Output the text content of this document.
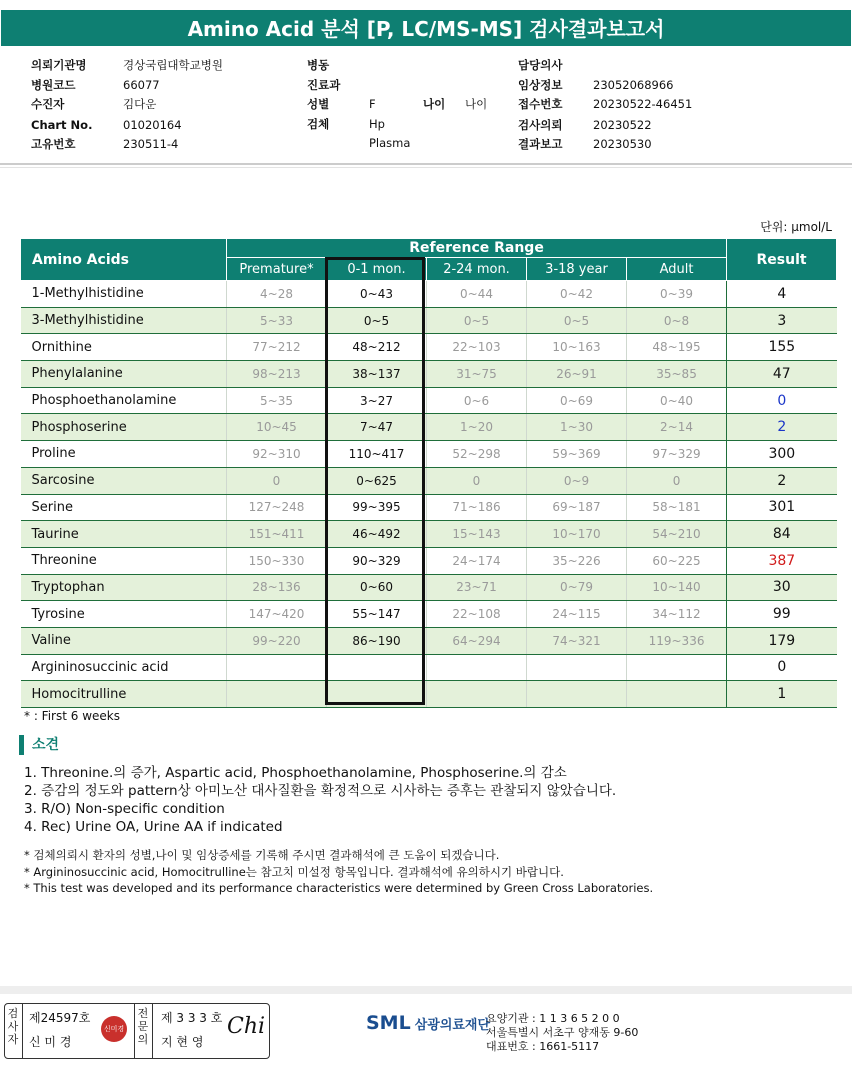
Amino Acid 분석 [P, LC/MS-MS] 검사결과보고서
의뢰기관명	경상국립대학교병원
병원코드	66077
수진자	김다운
Chart No.	01020164
고유번호	230511-4
병동
진료과
성별	F	나이	나이
검체	Hp Plasma
담당의사
임상정보	23052068966
접수번호	20230522-46451
검사의뢰	20230522
결과보고	20230530
단위: μmol/L
Amino Acids	Reference Range					Result
	Premature*	0-1 mon.	2-24 mon.	3-18 year	Adult	
1-Methylhistidine	4~28	0~43	0~44	0~42	0~39	4
3-Methylhistidine	5~33	0~5	0~5	0~5	0~8	3
Ornithine	77~212	48~212	22~103	10~163	48~195	155
Phenylalanine	98~213	38~137	31~75	26~91	35~85	47
Phosphoethanolamine	5~35	3~27	0~6	0~69	0~40	0
Phosphoserine	10~45	7~47	1~20	1~30	2~14	2
Proline	92~310	110~417	52~298	59~369	97~329	300
Sarcosine	0	0~625	0	0~9	0	2
Serine	127~248	99~395	71~186	69~187	58~181	301
Taurine	151~411	46~492	15~143	10~170	54~210	84
Threonine	150~330	90~329	24~174	35~226	60~225	387
Tryptophan	28~136	0~60	23~71	0~79	10~140	30
Tyrosine	147~420	55~147	22~108	24~115	34~112	99
Valine	99~220	86~190	64~294	74~321	119~336	179
Argininosuccinic acid						0
Homocitrulline						1
* : First 6 weeks
소견
1. Threonine.의 증가, Aspartic acid, Phosphoethanolamine, Phosphoserine.의 감소
2. 증감의 정도와 pattern상 아미노산 대사질환을 확정적으로 시사하는 증후는 관찰되지 않았습니다.
3. R/O) Non-specific condition
4. Rec) Urine OA, Urine AA if indicated
* 검체의뢰시 환자의 성별,나이 및 임상증세를 기록해 주시면 결과해석에 큰 도움이 되겠습니다.
* Argininosuccinic acid, Homocitrulline는 참고치 미설정 항목입니다. 결과해석에 유의하시기 바랍니다.
* This test was developed and its performance characteristics were determined by Green Cross Laboratories.
검사자
제24597호
신 미 경
신미경
전문의
제 3 3 3 호
지 현 영
Chi	SML 삼광의료재단
요양기관 : 1 1 3 6 5 2 0 0
서울특별시 서초구 양재동 9-60
대표번호 : 1661-5117
